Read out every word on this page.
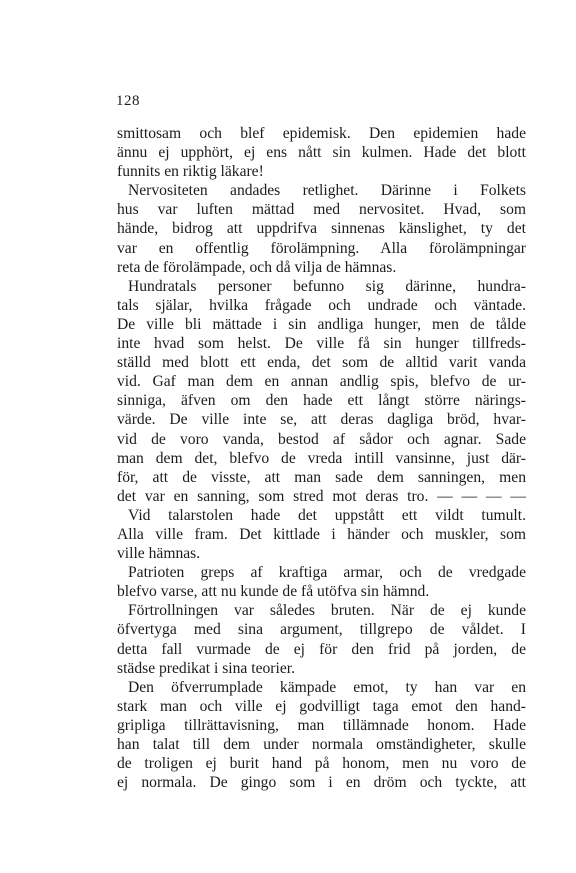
128
smittosam och blef epidemisk. Den epidemien hade
ännu ej upphört, ej ens nått sin kulmen. Hade det blott
funnits en riktig läkare!
Nervositeten andades retlighet. Därinne i Folkets
hus var luften mättad med nervositet. Hvad, som
hände, bidrog att uppdrifva sinnenas känslighet, ty det
var en offentlig förolämpning. Alla förolämpningar
reta de förolämpade, och då vilja de hämnas.
Hundratals personer befunno sig därinne, hundra-
tals själar, hvilka frågade och undrade och väntade.
De ville bli mättade i sin andliga hunger, men de tålde
inte hvad som helst. De ville få sin hunger tillfreds-
ställd med blott ett enda, det som de alltid varit vanda
vid. Gaf man dem en annan andlig spis, blefvo de ur-
sinniga, äfven om den hade ett långt större närings-
värde. De ville inte se, att deras dagliga bröd, hvar-
vid de voro vanda, bestod af sådor och agnar. Sade
man dem det, blefvo de vreda intill vansinne, just där-
för, att de visste, att man sade dem sanningen, men
det var en sanning, som stred mot deras tro. — — — —
Vid talarstolen hade det uppstått ett vildt tumult.
Alla ville fram. Det kittlade i händer och muskler, som
ville hämnas.
Patrioten greps af kraftiga armar, och de vredgade
blefvo varse, att nu kunde de få utöfva sin hämnd.
Förtrollningen var således bruten. När de ej kunde
öfvertyga med sina argument, tillgrepo de våldet. I
detta fall vurmade de ej för den frid på jorden, de
städse predikat i sina teorier.
Den öfverrumplade kämpade emot, ty han var en
stark man och ville ej godvilligt taga emot den hand-
gripliga tillrättavisning, man tillämnade honom. Hade
han talat till dem under normala omständigheter, skulle
de troligen ej burit hand på honom, men nu voro de
ej normala. De gingo som i en dröm och tyckte, att
